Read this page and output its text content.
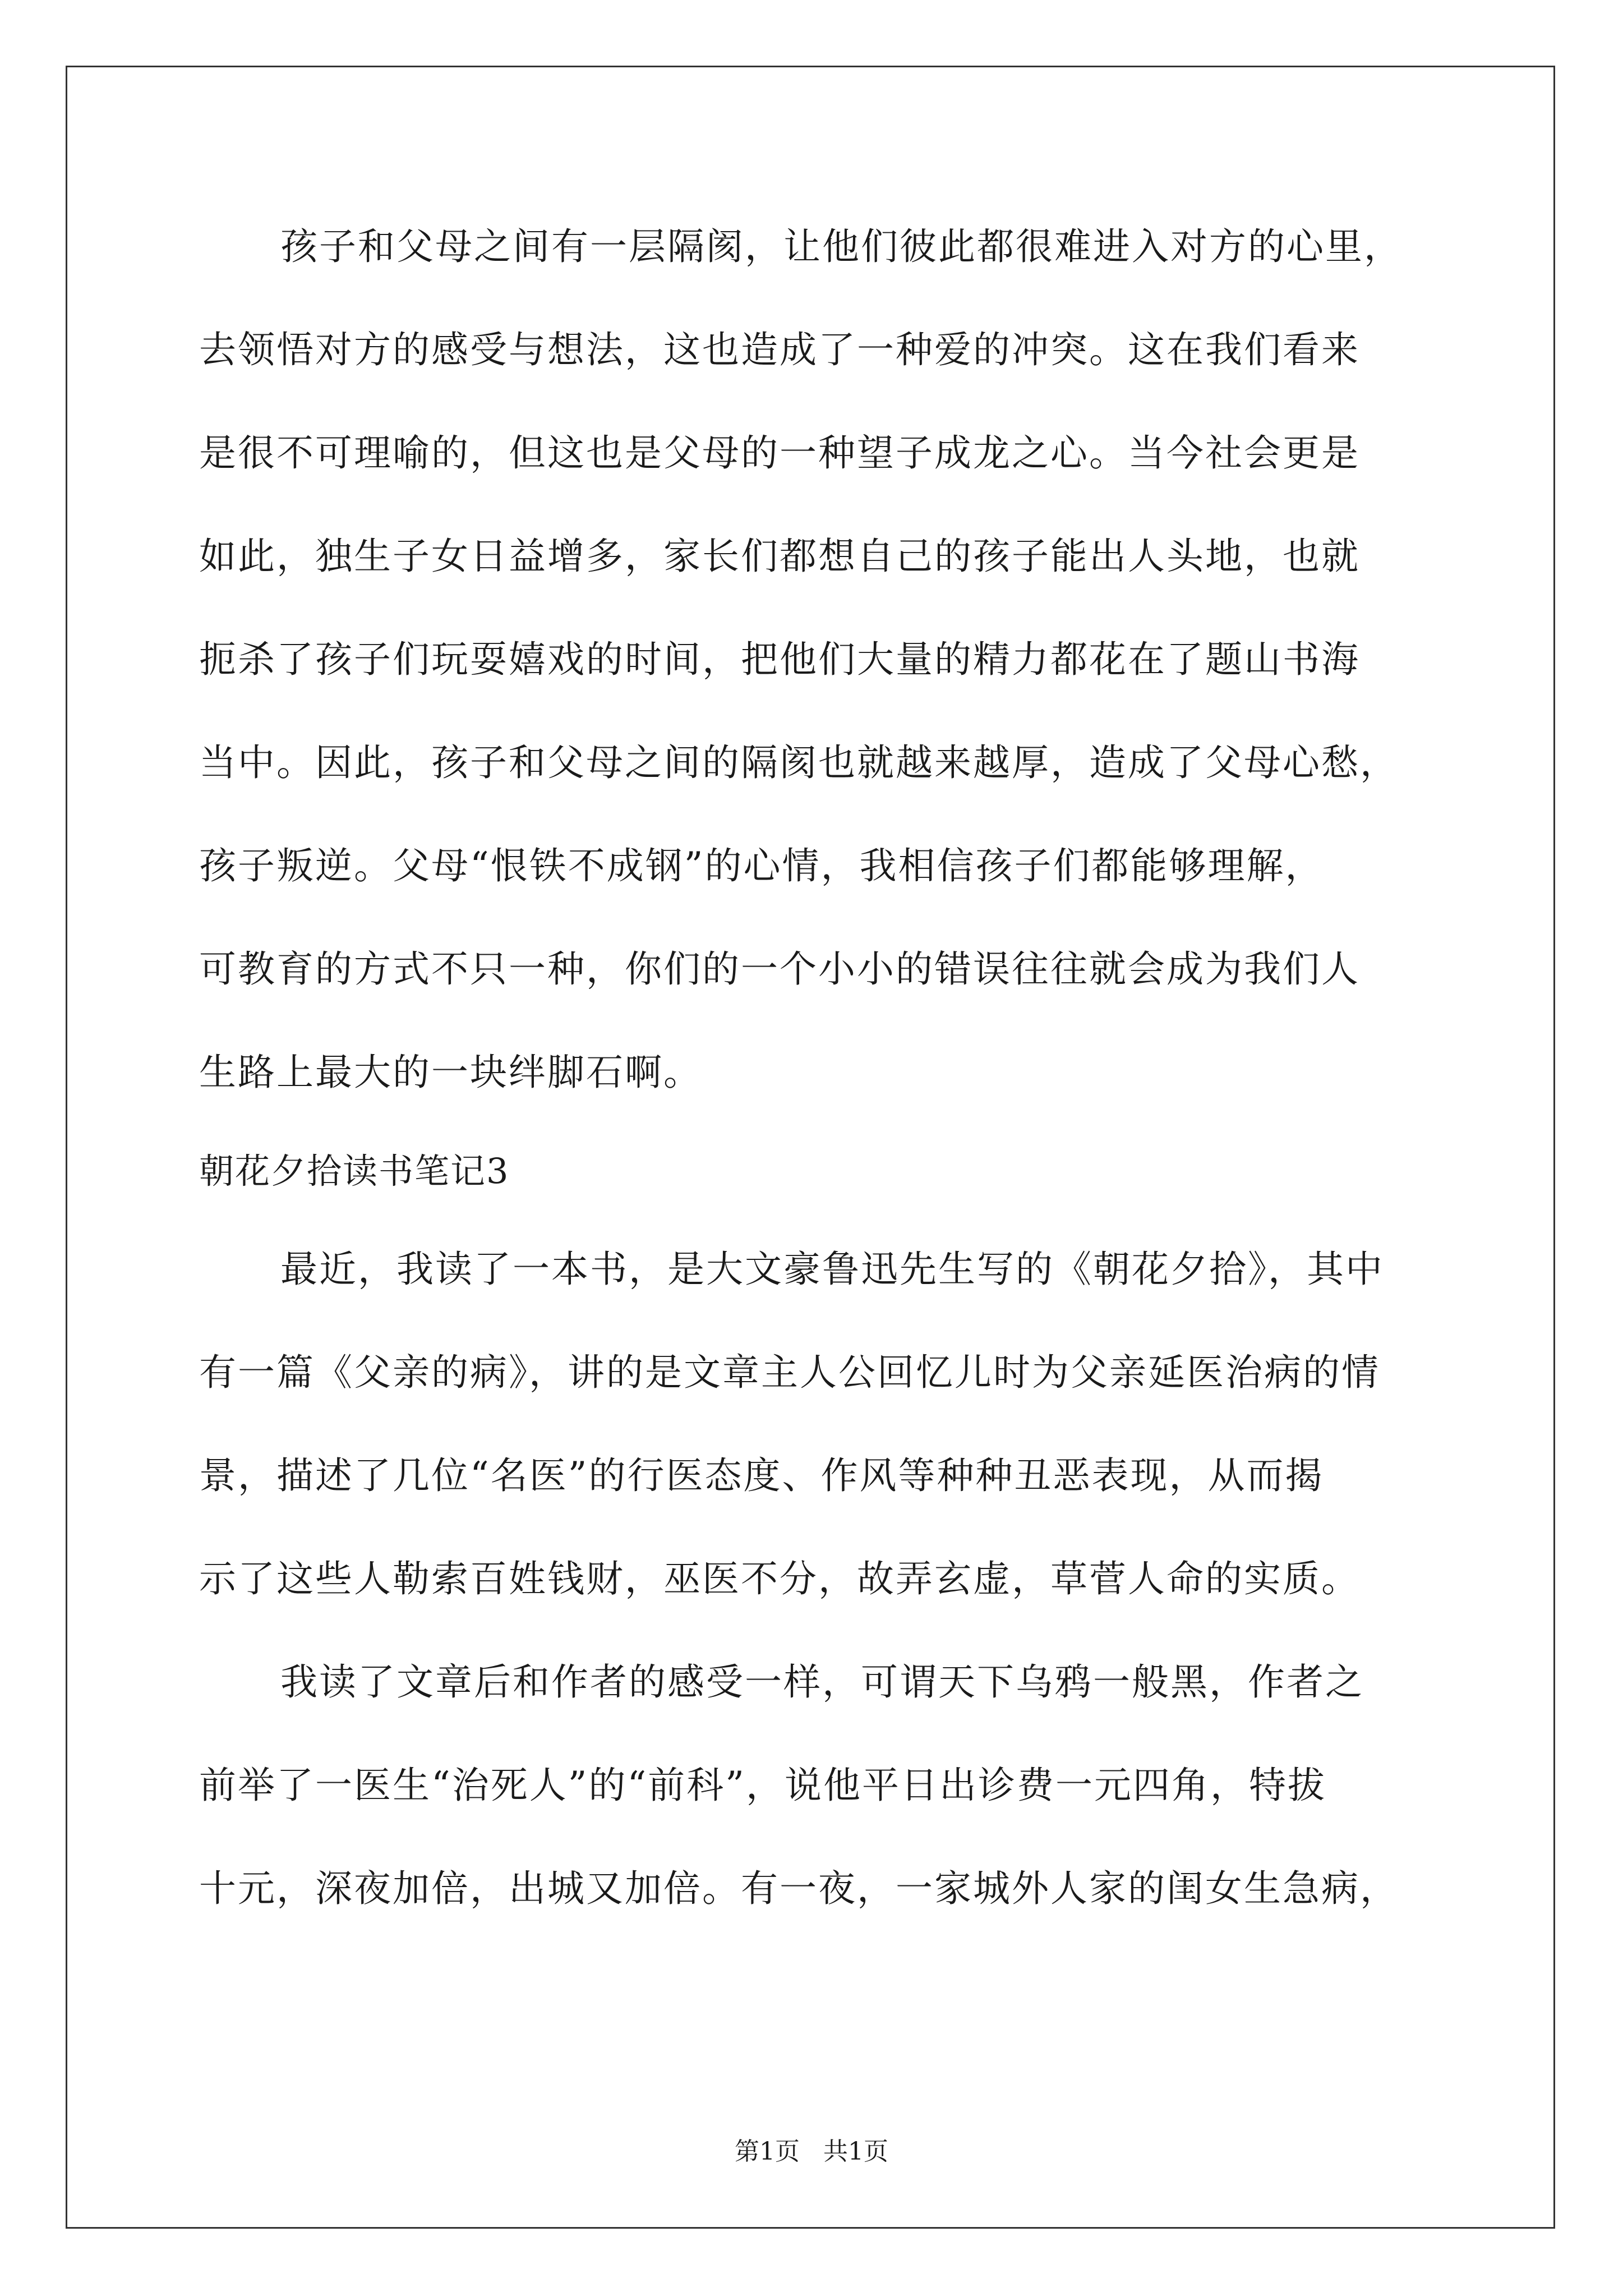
孩子和父母之间有一层隔阂，让他们彼此都很难进入对方的心里，
去领悟对方的感受与想法，这也造成了一种爱的冲突。这在我们看来
是很不可理喻的，但这也是父母的一种望子成龙之心。当今社会更是
如此，独生子女日益增多，家长们都想自己的孩子能出人头地，也就
扼杀了孩子们玩耍嬉戏的时间，把他们大量的精力都花在了题山书海
当中。因此，孩子和父母之间的隔阂也就越来越厚，造成了父母心愁，
孩子叛逆。父母“恨铁不成钢”的心情，我相信孩子们都能够理解，
可教育的方式不只一种，你们的一个小小的错误往往就会成为我们人
生路上最大的一块绊脚石啊。
朝花夕拾读书笔记3
最近，我读了一本书，是大文豪鲁迅先生写的《朝花夕拾》，其中
有一篇《父亲的病》，讲的是文章主人公回忆儿时为父亲延医治病的情
景，描述了几位“名医”的行医态度、作风等种种丑恶表现，从而揭
示了这些人勒索百姓钱财，巫医不分，故弄玄虚，草菅人命的实质。
我读了文章后和作者的感受一样，可谓天下乌鸦一般黑，作者之
前举了一医生“治死人”的“前科”，说他平日出诊费一元四角，特拔
十元，深夜加倍，出城又加倍。有一夜，一家城外人家的闺女生急病，
第1页   共1页
